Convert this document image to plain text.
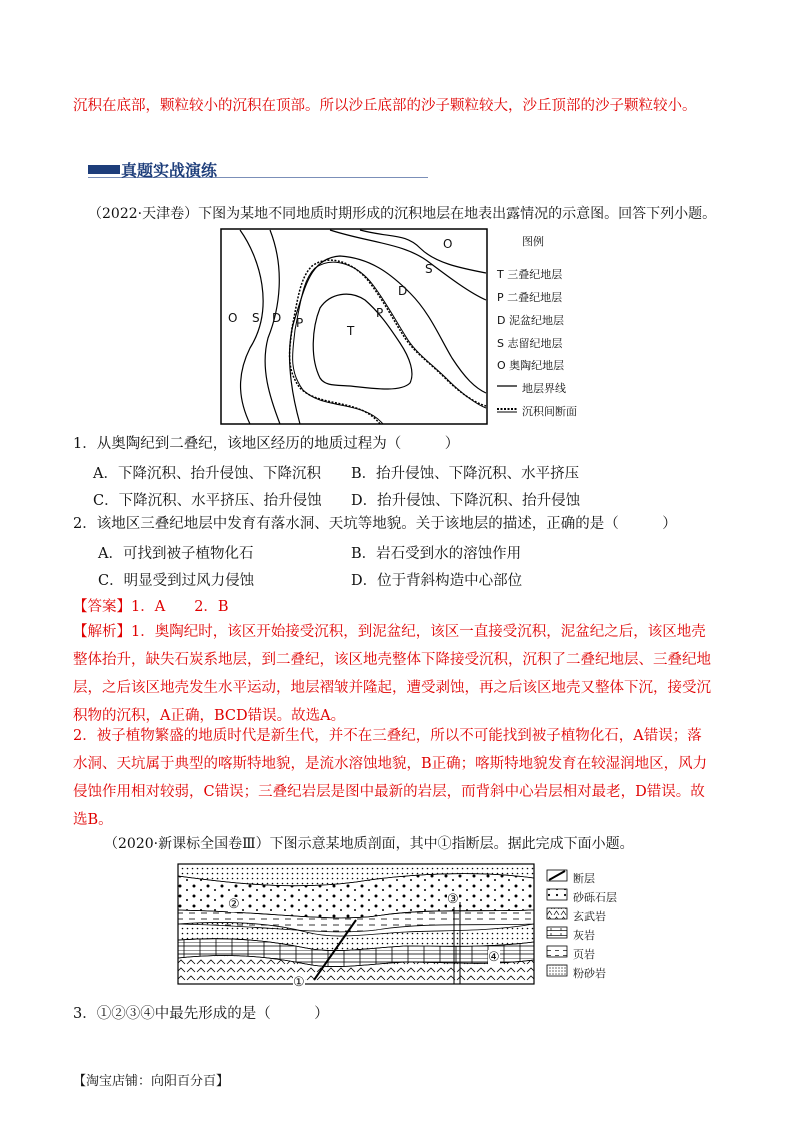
沉积在底部，颗粒较小的沉积在顶部。所以沙丘底部的沙子颗粒较大，沙丘顶部的沙子颗粒较小。
真题实战演练
（2022·天津卷）下图为某地不同地质时期形成的沉积地层在地表出露情况的示意图。回答下列小题。
O
S
D
P
T
O S D P
图例
T 三叠纪地层
P 二叠纪地层
D 泥盆纪地层
S 志留纪地层
O 奥陶纪地层
地层界线
沉积间断面
1．从奥陶纪到二叠纪，该地区经历的地质过程为（　　　）
A．下降沉积、抬升侵蚀、下降沉积 B．抬升侵蚀、下降沉积、水平挤压
C．下降沉积、水平挤压、抬升侵蚀 D．抬升侵蚀、下降沉积、抬升侵蚀
2．该地区三叠纪地层中发育有落水洞、天坑等地貌。关于该地层的描述，正确的是（　　　）
A．可找到被子植物化石	B．岩石受到水的溶蚀作用
C．明显受到过风力侵蚀	D．位于背斜构造中心部位
【答案】1．A　　2．B
【解析】1．奥陶纪时，该区开始接受沉积，到泥盆纪，该区一直接受沉积，泥盆纪之后，该区地壳
整体抬升，缺失石炭系地层，到二叠纪，该区地壳整体下降接受沉积，沉积了二叠纪地层、三叠纪地
层，之后该区地壳发生水平运动，地层褶皱并隆起，遭受剥蚀，再之后该区地壳又整体下沉，接受沉
积物的沉积，A正确，BCD错误。故选A。
2．被子植物繁盛的地质时代是新生代，并不在三叠纪，所以不可能找到被子植物化石，A错误；落
水洞、天坑属于典型的喀斯特地貌，是流水溶蚀地貌，B正确；喀斯特地貌发育在较湿润地区，风力
侵蚀作用相对较弱，C错误；三叠纪岩层是图中最新的岩层，而背斜中心岩层相对最老，D错误。故
选B。
（2020·新课标全国卷Ⅲ）下图示意某地质剖面，其中①指断层。据此完成下面小题。
①
②	③
④
断层
砂砾石层
玄武岩
灰岩
页岩
粉砂岩
3．①②③④中最先形成的是（　　　）
【淘宝店铺：向阳百分百】
